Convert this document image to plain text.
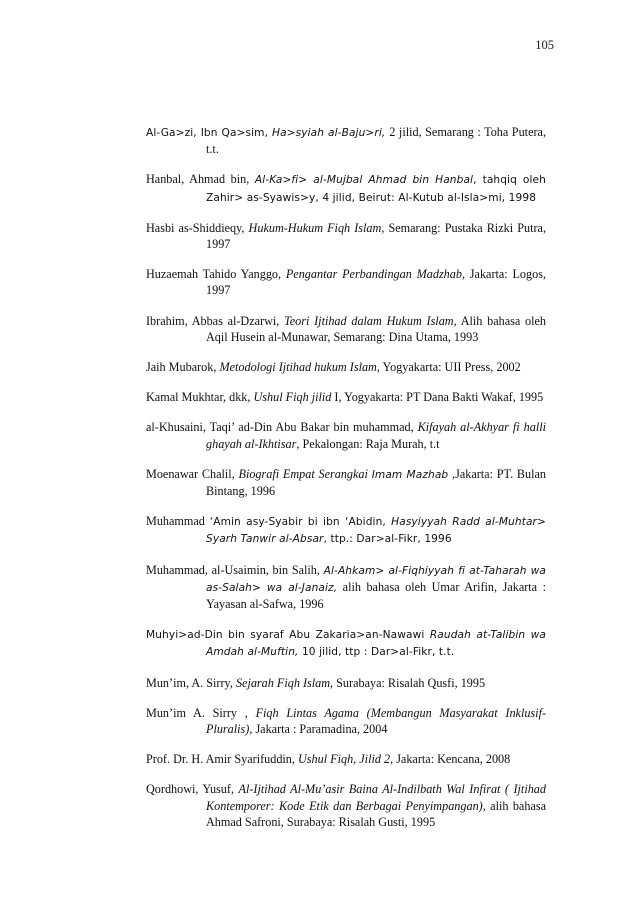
105

Al-Ga>zi, Ibn Qa>sim, Ha>syiah al-Baju>ri, 2 jilid, Semarang : Toha Putera, t.t.

Hanbal, Ahmad bin, Al-Ka>fi> al-Mujbal Ahmad bin Hanbal, tahqiq oleh Zahir> as-Syawis>y, 4 jilid, Beirut: Al-Kutub al-Isla>mi, 1998

Hasbi as-Shiddieqy, Hukum-Hukum Fiqh Islam, Semarang: Pustaka Rizki Putra, 1997

Huzaemah Tahido Yanggo, Pengantar Perbandingan Madzhab, Jakarta: Logos, 1997

Ibrahim, Abbas al-Dzarwi, Teori Ijtihad dalam Hukum Islam, Alih bahasa oleh Aqil Husein al-Munawar, Semarang: Dina Utama, 1993

Jaih Mubarok, Metodologi Ijtihad hukum Islam, Yogyakarta: UII Press, 2002

Kamal Mukhtar, dkk, Ushul Fiqh jilid I, Yogyakarta: PT Dana Bakti Wakaf, 1995

al-Khusaini, Taqi’ ad-Din Abu Bakar bin muhammad, Kifayah al-Akhyar fi halli ghayah al-Ikhtisar, Pekalongan: Raja Murah, t.t

Moenawar Chalil, Biografi Empat Serangkai Imam Mazhab ,Jakarta: PT. Bulan Bintang, 1996

Muhammad ‘Amin asy-Syabir bi ibn ‘Abidin, Hasyiyyah Radd al-Muhtar> Syarh Tanwir al-Absar, ttp.: Dar>al-Fikr, 1996

Muhammad, al-Usaimin, bin Salih, Al-Ahkam> al-Fiqhiyyah fi at-Taharah wa as-Salah> wa al-Janaiz, alih bahasa oleh Umar Arifin, Jakarta : Yayasan al-Safwa, 1996

Muhyi>ad-Din bin syaraf Abu Zakaria>an-Nawawi Raudah at-Talibin wa Amdah al-Muftin, 10 jilid, ttp : Dar>al-Fikr, t.t.

Mun’im, A. Sirry, Sejarah Fiqh Islam, Surabaya: Risalah Qusfi, 1995

Mun’im A. Sirry , Fiqh Lintas Agama (Membangun Masyarakat Inklusif-Pluralis), Jakarta : Paramadina, 2004

Prof. Dr. H. Amir Syarifuddin, Ushul Fiqh, Jilid 2, Jakarta: Kencana, 2008

Qordhowi, Yusuf, Al-Ijtihad Al-Mu’asir Baina Al-Indilbath Wal Infirat ( Ijtihad Kontemporer: Kode Etik dan Berbagai Penyimpangan), alih bahasa Ahmad Safroni, Surabaya: Risalah Gusti, 1995
